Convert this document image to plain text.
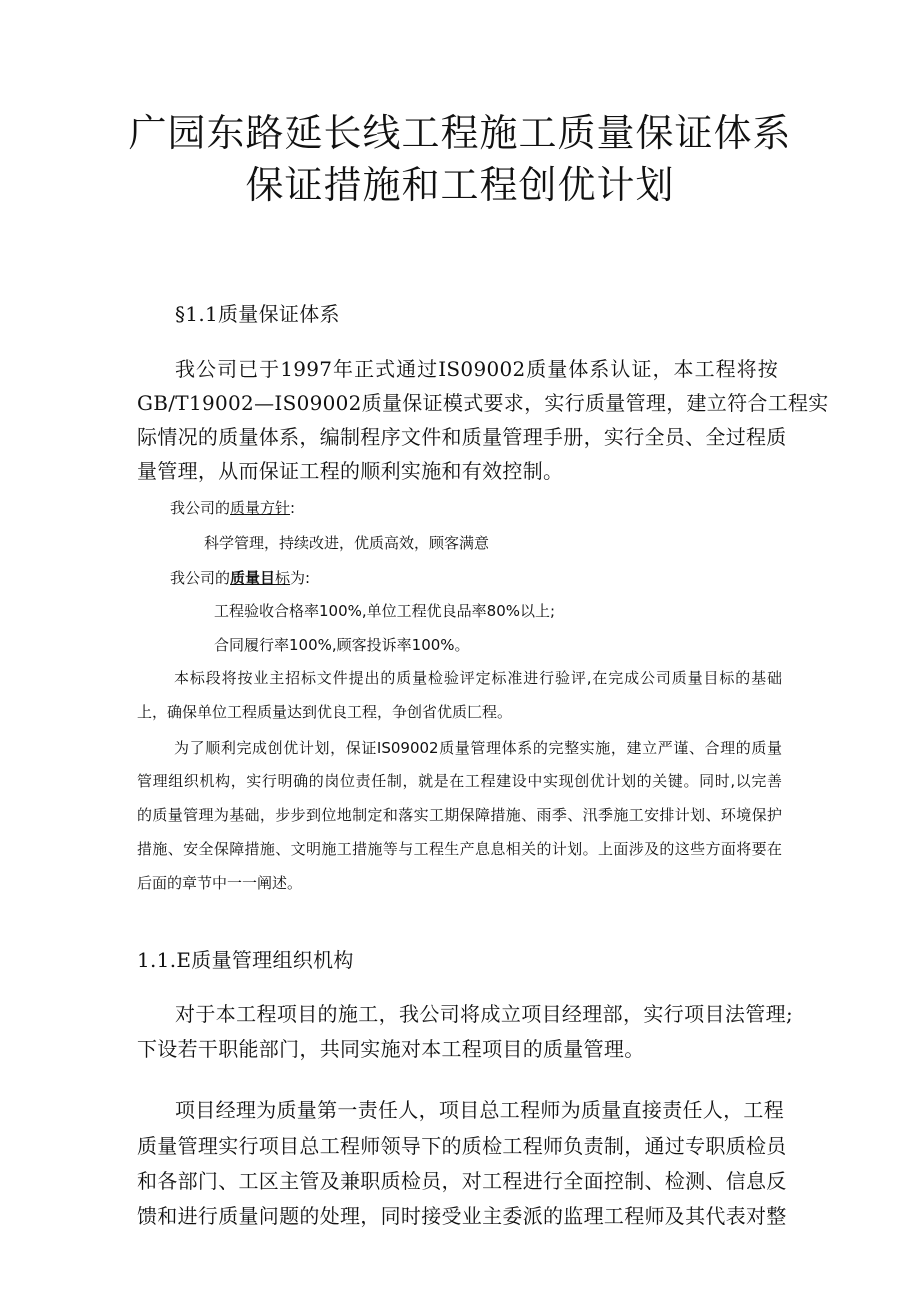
广园东路延长线工程施工质量保证体系
保证措施和工程创优计划

§1.1质量保证体系

我公司已于1997年正式通过IS09002质量体系认证，本工程将按

GB/T19002—IS09002质量保证模式要求，实行质量管理，建立符合工程实

际情况的质量体系，编制程序文件和质量管理手册，实行全员、全过程质

量管理，从而保证工程的顺利实施和有效控制。

我公司的质量方针:

科学管理，持续改进，优质高效，顾客满意

我公司的质量目标为:

工程验收合格率100%,单位工程优良品率80%以上;

合同履行率100%,顾客投诉率100%。

本标段将按业主招标文件提出的质量检验评定标准进行验评,在完成公司质量目标的基础

上，确保单位工程质量达到优良工程，争创省优质匚程。

为了顺利完成创优计划，保证IS09002质量管理体系的完整实施，建立严谨、合理的质量

管理组织机构，实行明确的岗位责任制，就是在工程建设中实现创优计划的关键。同时,以完善

的质量管理为基础，步步到位地制定和落实工期保障措施、雨季、汛季施工安排计划、环境保护

措施、安全保障措施、文明施工措施等与工程生产息息相关的计划。上面涉及的这些方面将要在

后面的章节中一一阐述。

1.1.E质量管理组织机构

对于本工程项目的施工，我公司将成立项目经理部，实行项目法管理;

下设若干职能部门，共同实施对本工程项目的质量管理。

项目经理为质量第一责任人，项目总工程师为质量直接责任人，工程

质量管理实行项目总工程师领导下的质检工程师负责制，通过专职质检员

和各部门、工区主管及兼职质检员，对工程进行全面控制、检测、信息反

馈和进行质量问题的处理，同时接受业主委派的监理工程师及其代表对整
